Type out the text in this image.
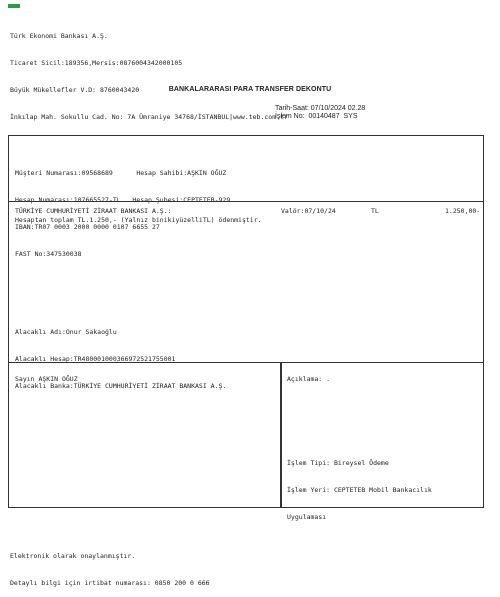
Türk Ekonomi Bankası A.Ş.

Ticaret Sicil:189356,Mersis:0876004342000105

Büyük Mükellefler V.D: 8760043420

İnkılap Mah. Sokullu Cad. No: 7A Ümraniye 34768/İSTANBUL|www.teb.com.tr

BANKALARARASI PARA TRANSFER DEKONTU
Tarih-Saat: 07/10/2024 02.28
İşlem No:  00140487  SYS

Müşteri Numarası:09568689      Hesap Sahibi:AŞKIN OĞUZ

Hesap Numarası:107665527-TL   Hesap Şubesi:CEPTETEB-929

IBAN:TR07 0003 2000 0000 0107 6655 27

FAST No:347530038

TÜRKİYE CUMHURİYETİ ZİRAAT BANKASI A.Ş.:	Valör:07/10/24	TL	1.250,00-
Hesaptan toplam TL.1.250,- (Yalnız binikiyüzelliTL) ödenmiştir.

Alacaklı Adı:Onur Sakaoğlu

Alacaklı Hesap:TR480001000366972521755001

Alacaklı Banka:TÜRKİYE CUMHURİYETİ ZİRAAT BANKASI A.Ş.

Sayın AŞKIN OĞUZ	Açıklama: .

İşlem Tipi: Bireysel Ödeme

İşlem Yeri: CEPTETEB Mobil Bankacılık

Uygulaması

Elektronik olarak onaylanmıştır.

Detaylı bilgi için irtibat numarası: 0850 200 0 666
